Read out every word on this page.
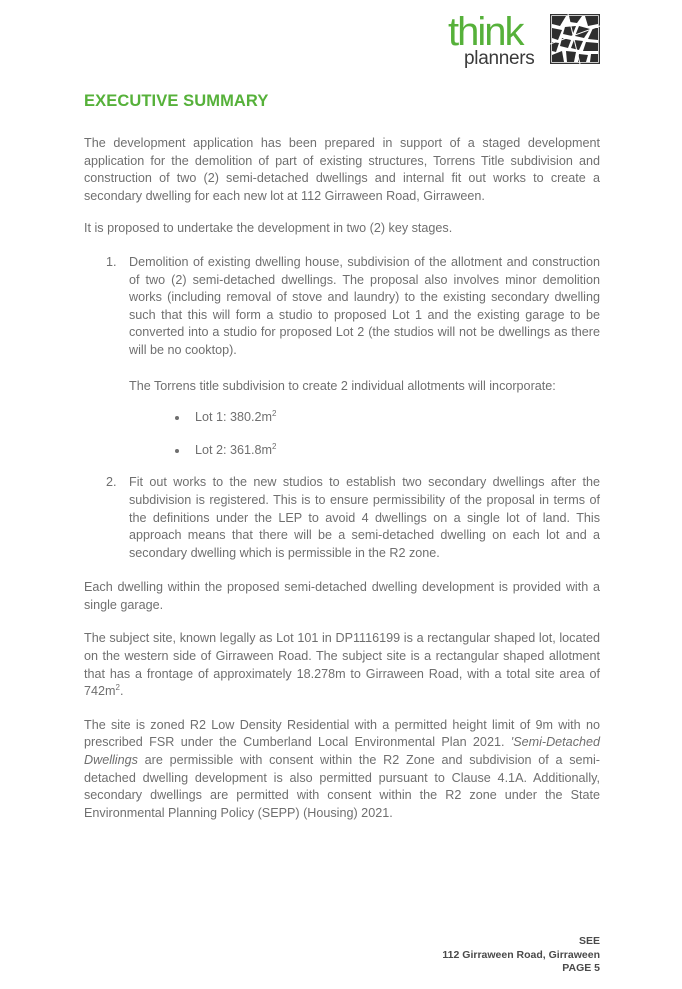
think
planners
EXECUTIVE SUMMARY

The development application has been prepared in support of a staged development application for the demolition of part of existing structures, Torrens Title subdivision and construction of two (2) semi-detached dwellings and internal fit out works to create a secondary dwelling for each new lot at 112 Girraween Road, Girraween.

It is proposed to undertake the development in two (2) key stages.

1. Demolition of existing dwelling house, subdivision of the allotment and construction of two (2) semi-detached dwellings. The proposal also involves minor demolition works (including removal of stove and laundry) to the existing secondary dwelling such that this will form a studio to proposed Lot 1 and the existing garage to be converted into a studio for proposed Lot 2 (the studios will not be dwellings as there will be no cooktop).

The Torrens title subdivision to create 2 individual allotments will incorporate:

Lot 1: $380.2m^2$
Lot 2: $361.8m^2$
2. Fit out works to the new studios to establish two secondary dwellings after the subdivision is registered. This is to ensure permissibility of the proposal in terms of the definitions under the LEP to avoid 4 dwellings on a single lot of land. This approach means that there will be a semi-detached dwelling on each lot and a secondary dwelling which is permissible in the R2 zone.

Each dwelling within the proposed semi-detached dwelling development is provided with a single garage.

The subject site, known legally as Lot 101 in DP1116199 is a rectangular shaped lot, located on the western side of Girraween Road. The subject site is a rectangular shaped allotment that has a frontage of approximately 18.278m to Girraween Road, with a total site area of $742m^2$.

The site is zoned R2 Low Density Residential with a permitted height limit of 9m with no prescribed FSR under the Cumberland Local Environmental Plan 2021. 'Semi-Detached Dwellings are permissible with consent within the R2 Zone and subdivision of a semi-detached dwelling development is also permitted pursuant to Clause 4.1A. Additionally, secondary dwellings are permitted with consent within the R2 zone under the State Environmental Planning Policy (SEPP) (Housing) 2021.

SEE
112 Girraween Road, Girraween
PAGE 5
